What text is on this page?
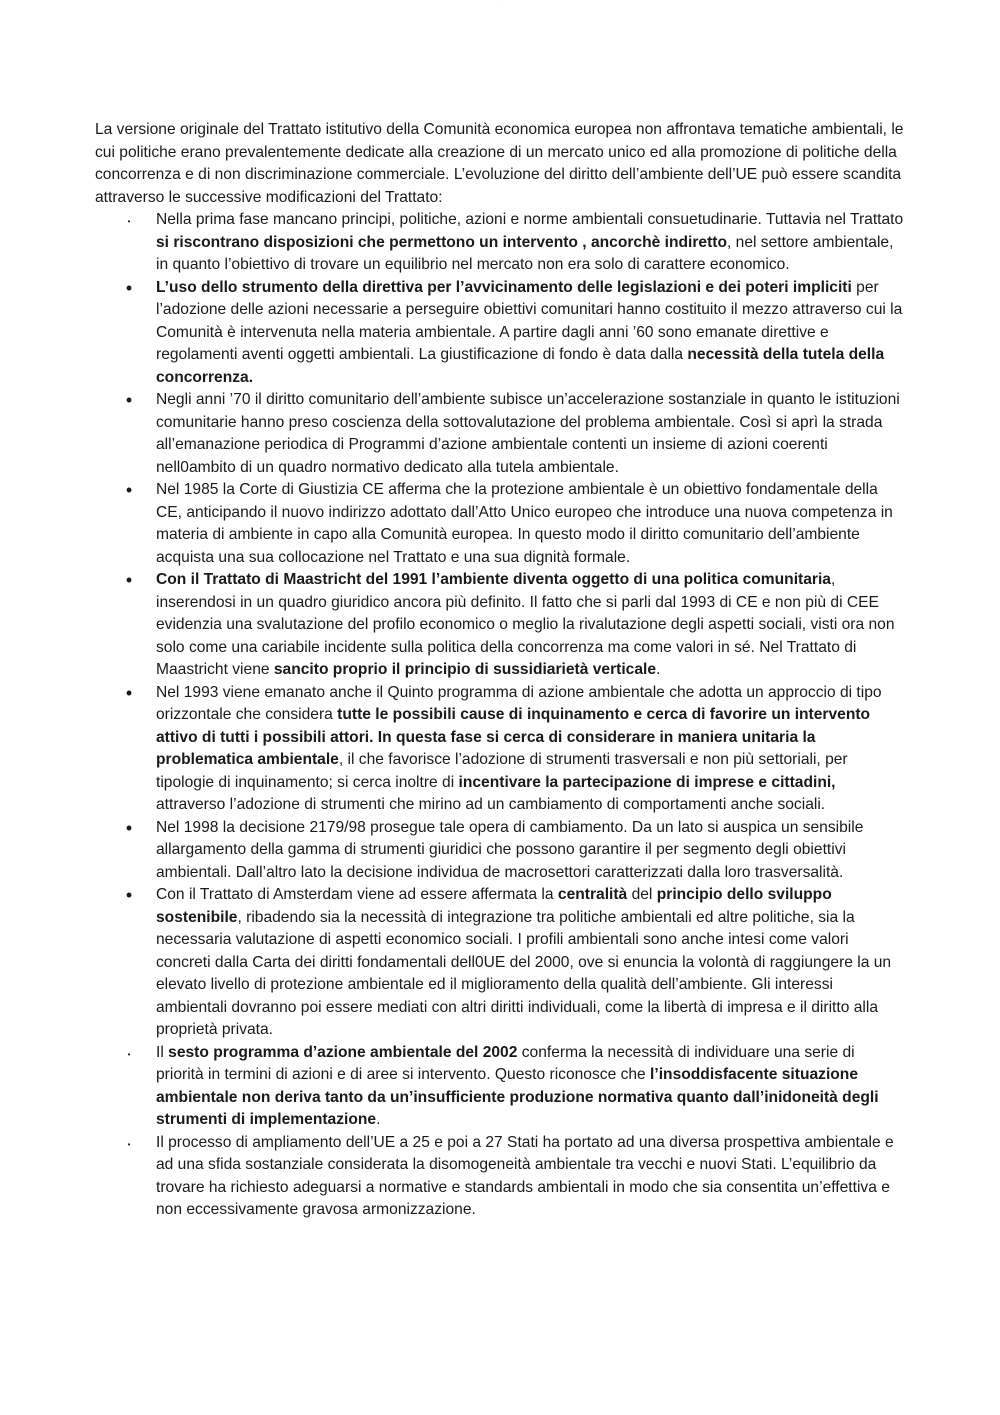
· · ·

La versione originale del Trattato istitutivo della Comunità economica europea non affrontava tematiche ambientali, le cui politiche erano prevalentemente dedicate alla creazione di un mercato unico ed alla promozione di politiche della concorrenza e di non discriminazione commerciale. L’evoluzione del diritto dell’ambiente dell’UE può essere scandita attraverso le successive modificazioni del Trattato:

• Nella prima fase mancano principi, politiche, azioni e norme ambientali consuetudinarie. Tuttavia nel Trattato si riscontrano disposizioni che permettono un intervento , ancorchè indiretto, nel settore ambientale, in quanto l’obiettivo di trovare un equilibrio nel mercato non era solo di carattere economico.
• L’uso dello strumento della direttiva per l’avvicinamento delle legislazioni e dei poteri impliciti per l’adozione delle azioni necessarie a perseguire obiettivi comunitari hanno costituito il mezzo attraverso cui la Comunità è intervenuta nella materia ambientale. A partire dagli anni ’60 sono emanate direttive e regolamenti aventi oggetti ambientali. La giustificazione di fondo è data dalla necessità della tutela della concorrenza.
• Negli anni ’70 il diritto comunitario dell’ambiente subisce un’accelerazione sostanziale in quanto le istituzioni comunitarie hanno preso coscienza della sottovalutazione del problema ambientale. Così si aprì la strada all’emanazione periodica di Programmi d’azione ambientale contenti un insieme di azioni coerenti nell0ambito di un quadro normativo dedicato alla tutela ambientale.
• Nel 1985 la Corte di Giustizia CE afferma che la protezione ambientale è un obiettivo fondamentale della CE, anticipando il nuovo indirizzo adottato dall’Atto Unico europeo che introduce una nuova competenza in materia di ambiente in capo alla Comunità europea. In questo modo il diritto comunitario dell’ambiente acquista una sua collocazione nel Trattato e una sua dignità formale.
• Con il Trattato di Maastricht del 1991 l’ambiente diventa oggetto di una politica comunitaria, inserendosi in un quadro giuridico ancora più definito. Il fatto che si parli dal 1993 di CE e non più di CEE evidenzia una svalutazione del profilo economico o meglio la rivalutazione degli aspetti sociali, visti ora non solo come una cariabile incidente sulla politica della concorrenza ma come valori in sé. Nel Trattato di Maastricht viene sancito proprio il principio di sussidiarietà verticale.
• Nel 1993 viene emanato anche il Quinto programma di azione ambientale che adotta un approccio di tipo orizzontale che considera tutte le possibili cause di inquinamento e cerca di favorire un intervento attivo di tutti i possibili attori. In questa fase si cerca di considerare in maniera unitaria la problematica ambientale, il che favorisce l’adozione di strumenti trasversali e non più settoriali, per tipologie di inquinamento; si cerca inoltre di incentivare la partecipazione di imprese e cittadini, attraverso l’adozione di strumenti che mirino ad un cambiamento di comportamenti anche sociali.
• Nel 1998 la decisione 2179/98 prosegue tale opera di cambiamento. Da un lato si auspica un sensibile allargamento della gamma di strumenti giuridici che possono garantire il per segmento degli obiettivi ambientali. Dall’altro lato la decisione individua de macrosettori caratterizzati dalla loro trasversalità.
• Con il Trattato di Amsterdam viene ad essere affermata la centralità del principio dello sviluppo sostenibile, ribadendo sia la necessità di integrazione tra politiche ambientali ed altre politiche, sia la necessaria valutazione di aspetti economico sociali. I profili ambientali sono anche intesi come valori concreti dalla Carta dei diritti fondamentali dell0UE del 2000, ove si enuncia la volontà di raggiungere la un elevato livello di protezione ambientale ed il miglioramento della qualità dell’ambiente. Gli interessi ambientali dovranno poi essere mediati con altri diritti individuali, come la libertà di impresa e il diritto alla proprietà privata.
• Il sesto programma d’azione ambientale del 2002 conferma la necessità di individuare una serie di priorità in termini di azioni e di aree si intervento. Questo riconosce che l’insoddisfacente situazione ambientale non deriva tanto da un’insufficiente produzione normativa quanto dall’inidoneità degli strumenti di implementazione.
• Il processo di ampliamento dell’UE a 25 e poi a 27 Stati ha portato ad una diversa prospettiva ambientale e ad una sfida sostanziale considerata la disomogeneità ambientale tra vecchi e nuovi Stati. L’equilibrio da trovare ha richiesto adeguarsi a normative e standards ambientali in modo che sia consentita un’effettiva e non eccessivamente gravosa armonizzazione.
